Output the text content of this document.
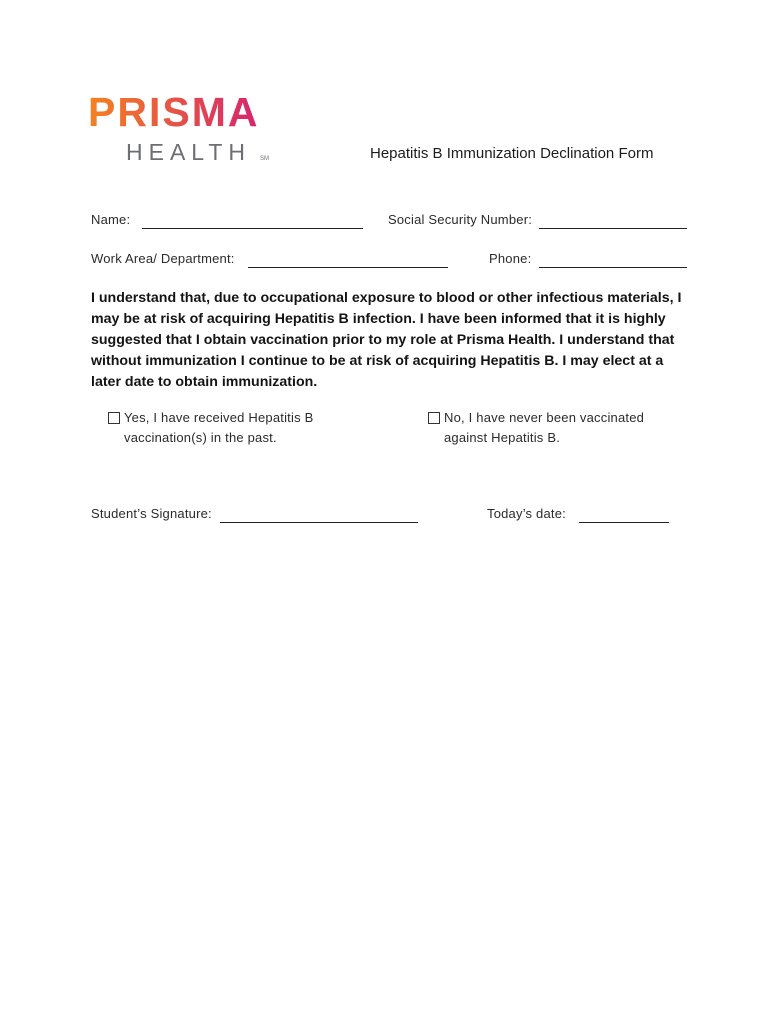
PRISMA
HEALTH SM	Hepatitis B Immunization Declination Form
Name:	Social Security Number:
Work Area/ Department:	Phone:
I understand that, due to occupational exposure to blood or other infectious materials, I may be at risk of acquiring Hepatitis B infection. I have been informed that it is highly suggested that I obtain vaccination prior to my role at Prisma Health. I understand that without immunization I continue to be at risk of acquiring Hepatitis B. I may elect at a later date to obtain immunization.
Yes, I have received Hepatitis B vaccination(s) in the past.
No, I have never been vaccinated against Hepatitis B.
Student’s Signature:	Today’s date:
